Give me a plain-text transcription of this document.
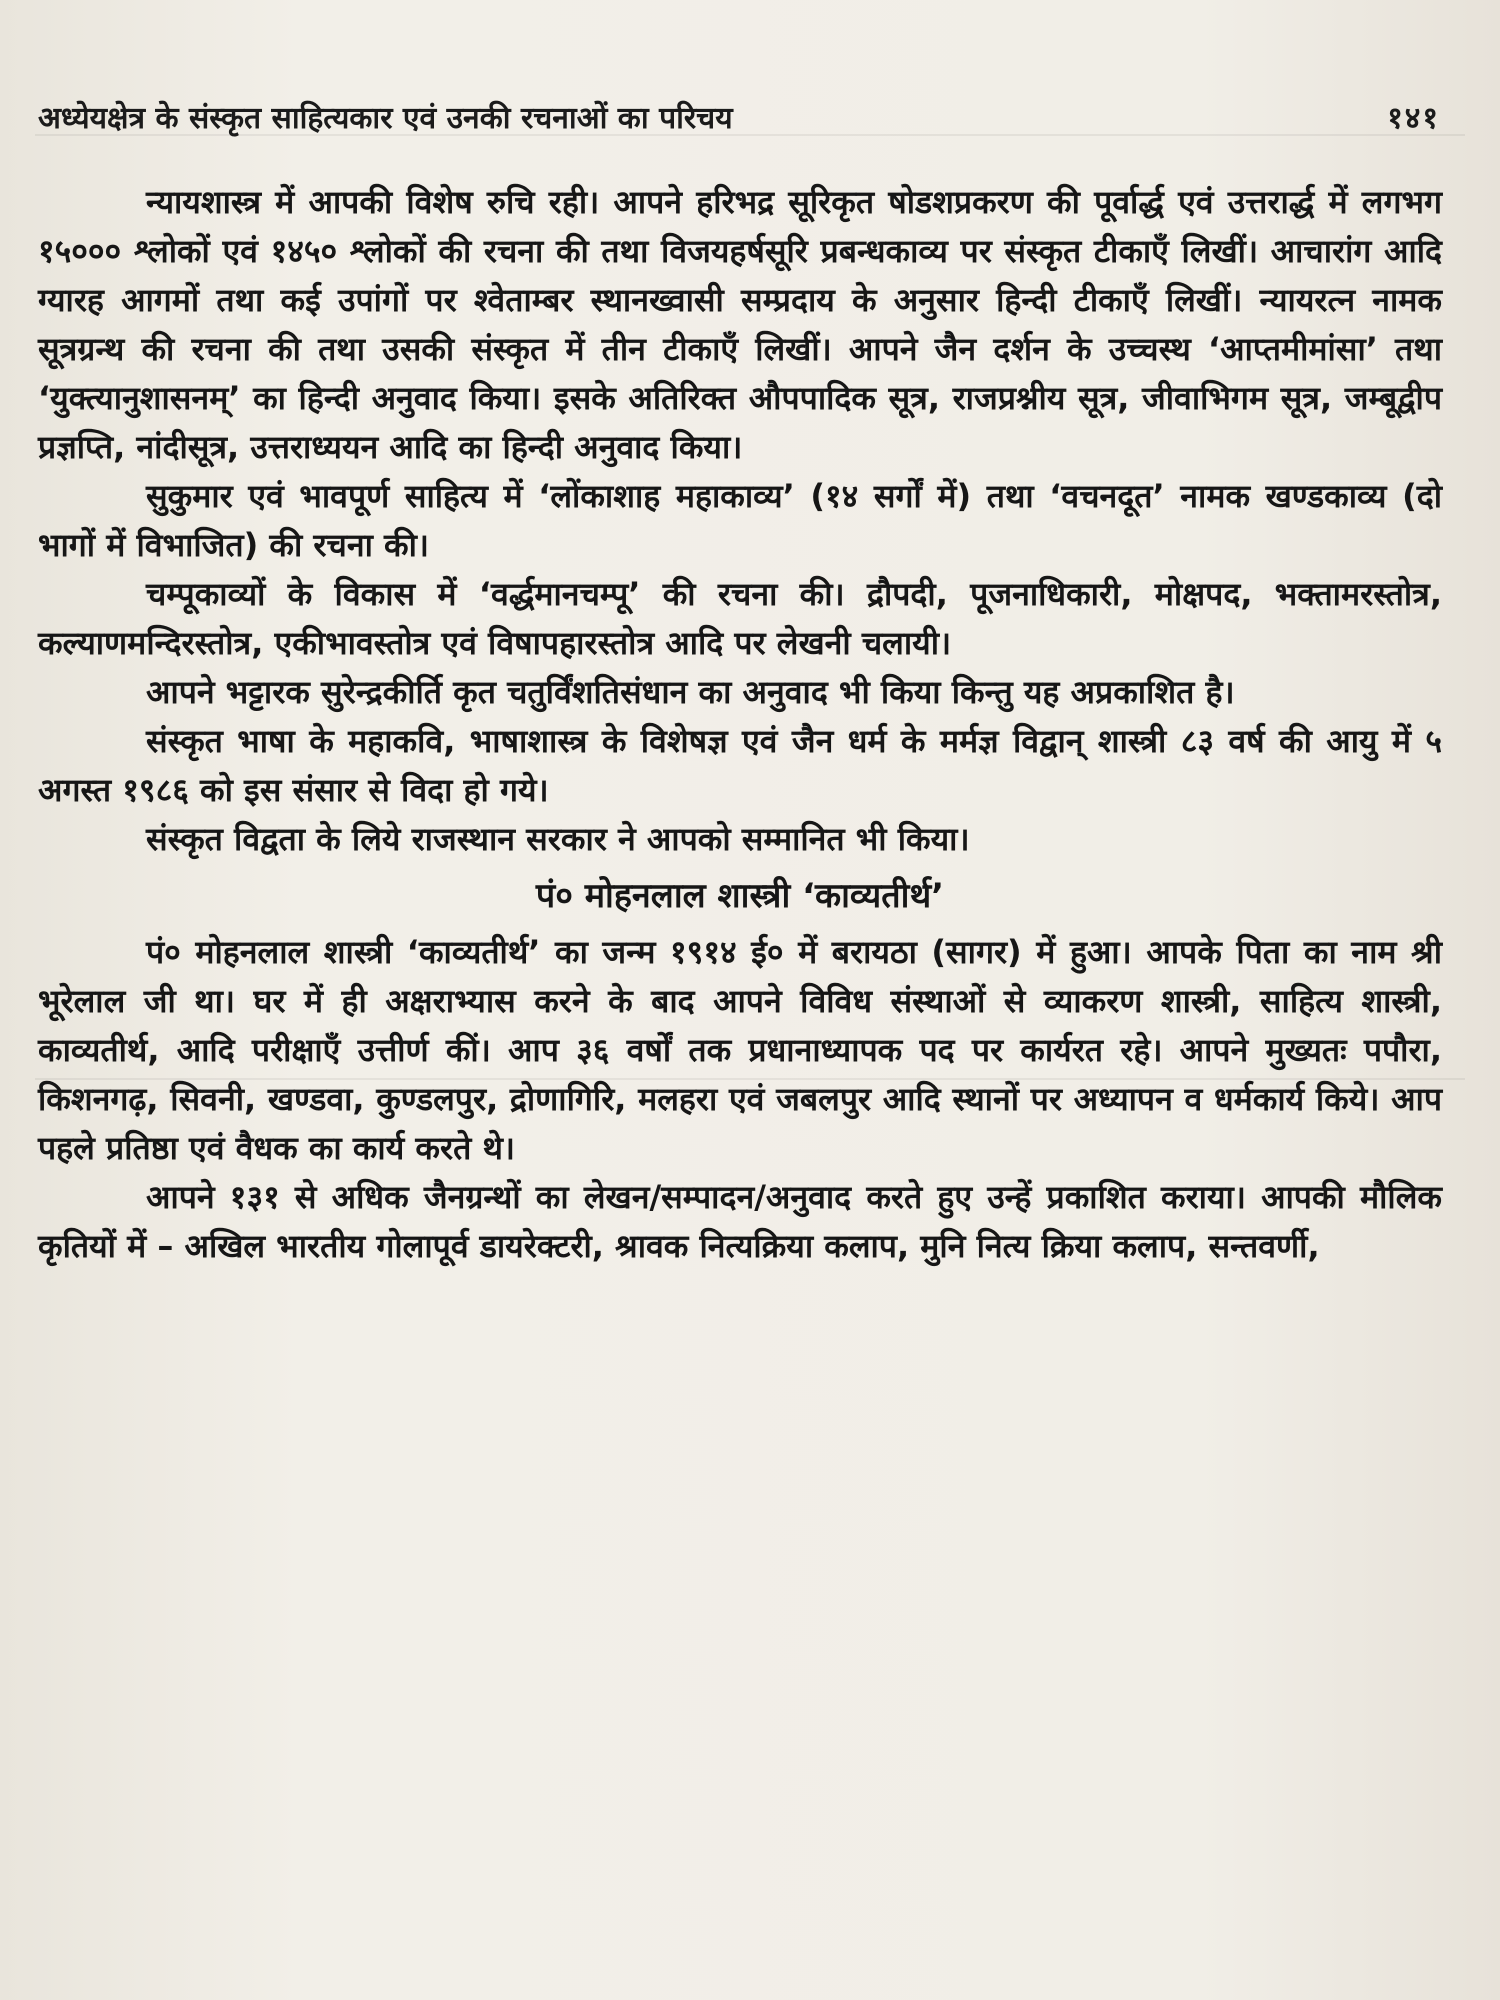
अध्येयक्षेत्र के संस्कृत साहित्यकार एवं उनकी रचनाओं का परिचय	१४१

न्यायशास्त्र में आपकी विशेष रुचि रही। आपने हरिभद्र सूरिकृत षोडशप्रकरण की पूर्वार्द्ध एवं उत्तरार्द्ध में लगभग १५००० श्लोकों एवं १४५० श्लोकों की रचना की तथा विजयहर्षसूरि प्रबन्धकाव्य पर संस्कृत टीकाएँ लिखीं। आचारांग आदि ग्यारह आगमों तथा कई उपांगों पर श्वेताम्बर स्थानख्वासी सम्प्रदाय के अनुसार हिन्दी टीकाएँ लिखीं। न्यायरत्न नामक सूत्रग्रन्थ की रचना की तथा उसकी संस्कृत में तीन टीकाएँ लिखीं। आपने जैन दर्शन के उच्चस्थ ‘आप्तमीमांसा’ तथा ‘युक्त्यानुशासनम्’ का हिन्दी अनुवाद किया। इसके अतिरिक्त औपपादिक सूत्र, राजप्रश्नीय सूत्र, जीवाभिगम सूत्र, जम्बूद्वीप प्रज्ञप्ति, नांदीसूत्र, उत्तराध्ययन आदि का हिन्दी अनुवाद किया।

सुकुमार एवं भावपूर्ण साहित्य में ‘लोंकाशाह महाकाव्य’ (१४ सर्गों में) तथा ‘वचनदूत’ नामक खण्डकाव्य (दो भागों में विभाजित) की रचना की।

चम्पूकाव्यों के विकास में ‘वर्द्धमानचम्पू’ की रचना की। द्रौपदी, पूजनाधिकारी, मोक्षपद, भक्तामरस्तोत्र, कल्याणमन्दिरस्तोत्र, एकीभावस्तोत्र एवं विषापहारस्तोत्र आदि पर लेखनी चलायी।

आपने भट्टारक सुरेन्द्रकीर्ति कृत चतुर्विंशतिसंधान का अनुवाद भी किया किन्तु यह अप्रकाशित है।

संस्कृत भाषा के महाकवि, भाषाशास्त्र के विशेषज्ञ एवं जैन धर्म के मर्मज्ञ विद्वान् शास्त्री ८३ वर्ष की आयु में ५ अगस्त १९८६ को इस संसार से विदा हो गये।

संस्कृत विद्वता के लिये राजस्थान सरकार ने आपको सम्मानित भी किया।

पं० मोहनलाल शास्त्री ‘काव्यतीर्थ’

पं० मोहनलाल शास्त्री ‘काव्यतीर्थ’ का जन्म १९१४ ई० में बरायठा (सागर) में हुआ। आपके पिता का नाम श्री भूरेलाल जी था। घर में ही अक्षराभ्यास करने के बाद आपने विविध संस्थाओं से व्याकरण शास्त्री, साहित्य शास्त्री, काव्यतीर्थ, आदि परीक्षाएँ उत्तीर्ण कीं। आप ३६ वर्षों तक प्रधानाध्यापक पद पर कार्यरत रहे। आपने मुख्यतः पपौरा, किशनगढ़, सिवनी, खण्डवा, कुण्डलपुर, द्रोणागिरि, मलहरा एवं जबलपुर आदि स्थानों पर अध्यापन व धर्मकार्य किये। आप पहले प्रतिष्ठा एवं वैधक का कार्य करते थे।

आपने १३१ से अधिक जैनग्रन्थों का लेखन/सम्पादन/अनुवाद करते हुए उन्हें प्रकाशित कराया। आपकी मौलिक कृतियों में – अखिल भारतीय गोलापूर्व डायरेक्टरी, श्रावक नित्यक्रिया कलाप, मुनि नित्य क्रिया कलाप, सन्तवर्णी,
